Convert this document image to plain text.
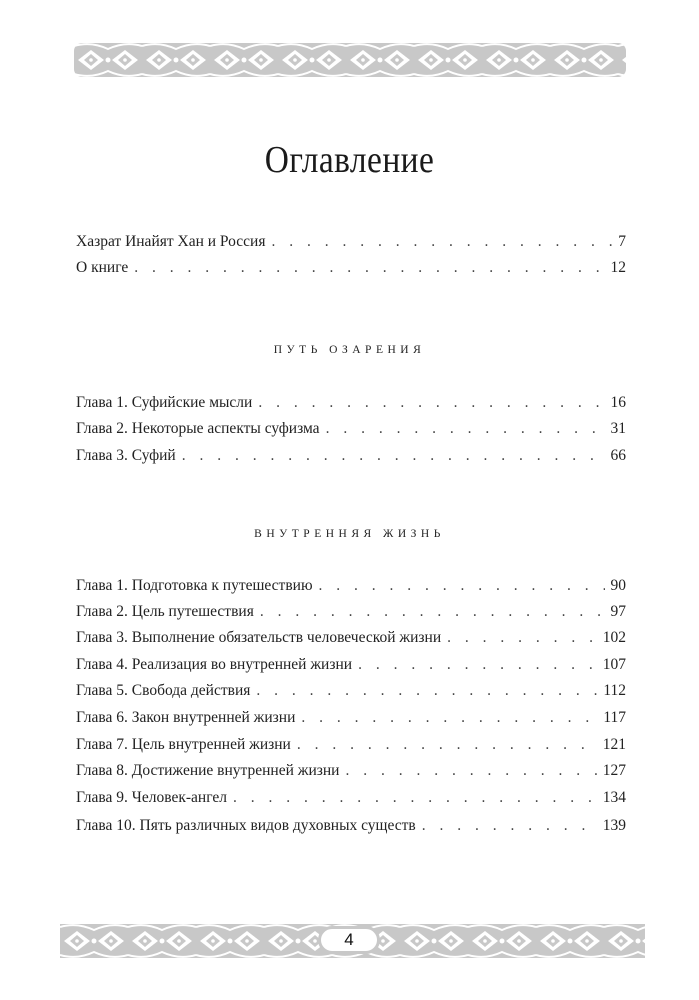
Оглавление
Хазрат Инайят Хан и Россия . . .	7
О книге . . .	12
ПУТЬ ОЗАРЕНИЯ
Глава 1. Суфийские мысли . . .	16
Глава 2. Некоторые аспекты суфизма . . .	31
Глава 3. Суфий . . .	66
ВНУТРЕННЯЯ ЖИЗНЬ
Глава 1. Подготовка к путешествию . . .	90
Глава 2. Цель путешествия . . .	97
Глава 3. Выполнение обязательств человеческой жизни . . .	102
Глава 4. Реализация во внутренней жизни . . .	107
Глава 5. Свобода действия . . .	112
Глава 6. Закон внутренней жизни . . .	117
Глава 7. Цель внутренней жизни . . .	121
Глава 8. Достижение внутренней жизни . . .	127
Глава 9. Человек-ангел . . .	134
Глава 10. Пять различных видов духовных существ . . .	139
4
